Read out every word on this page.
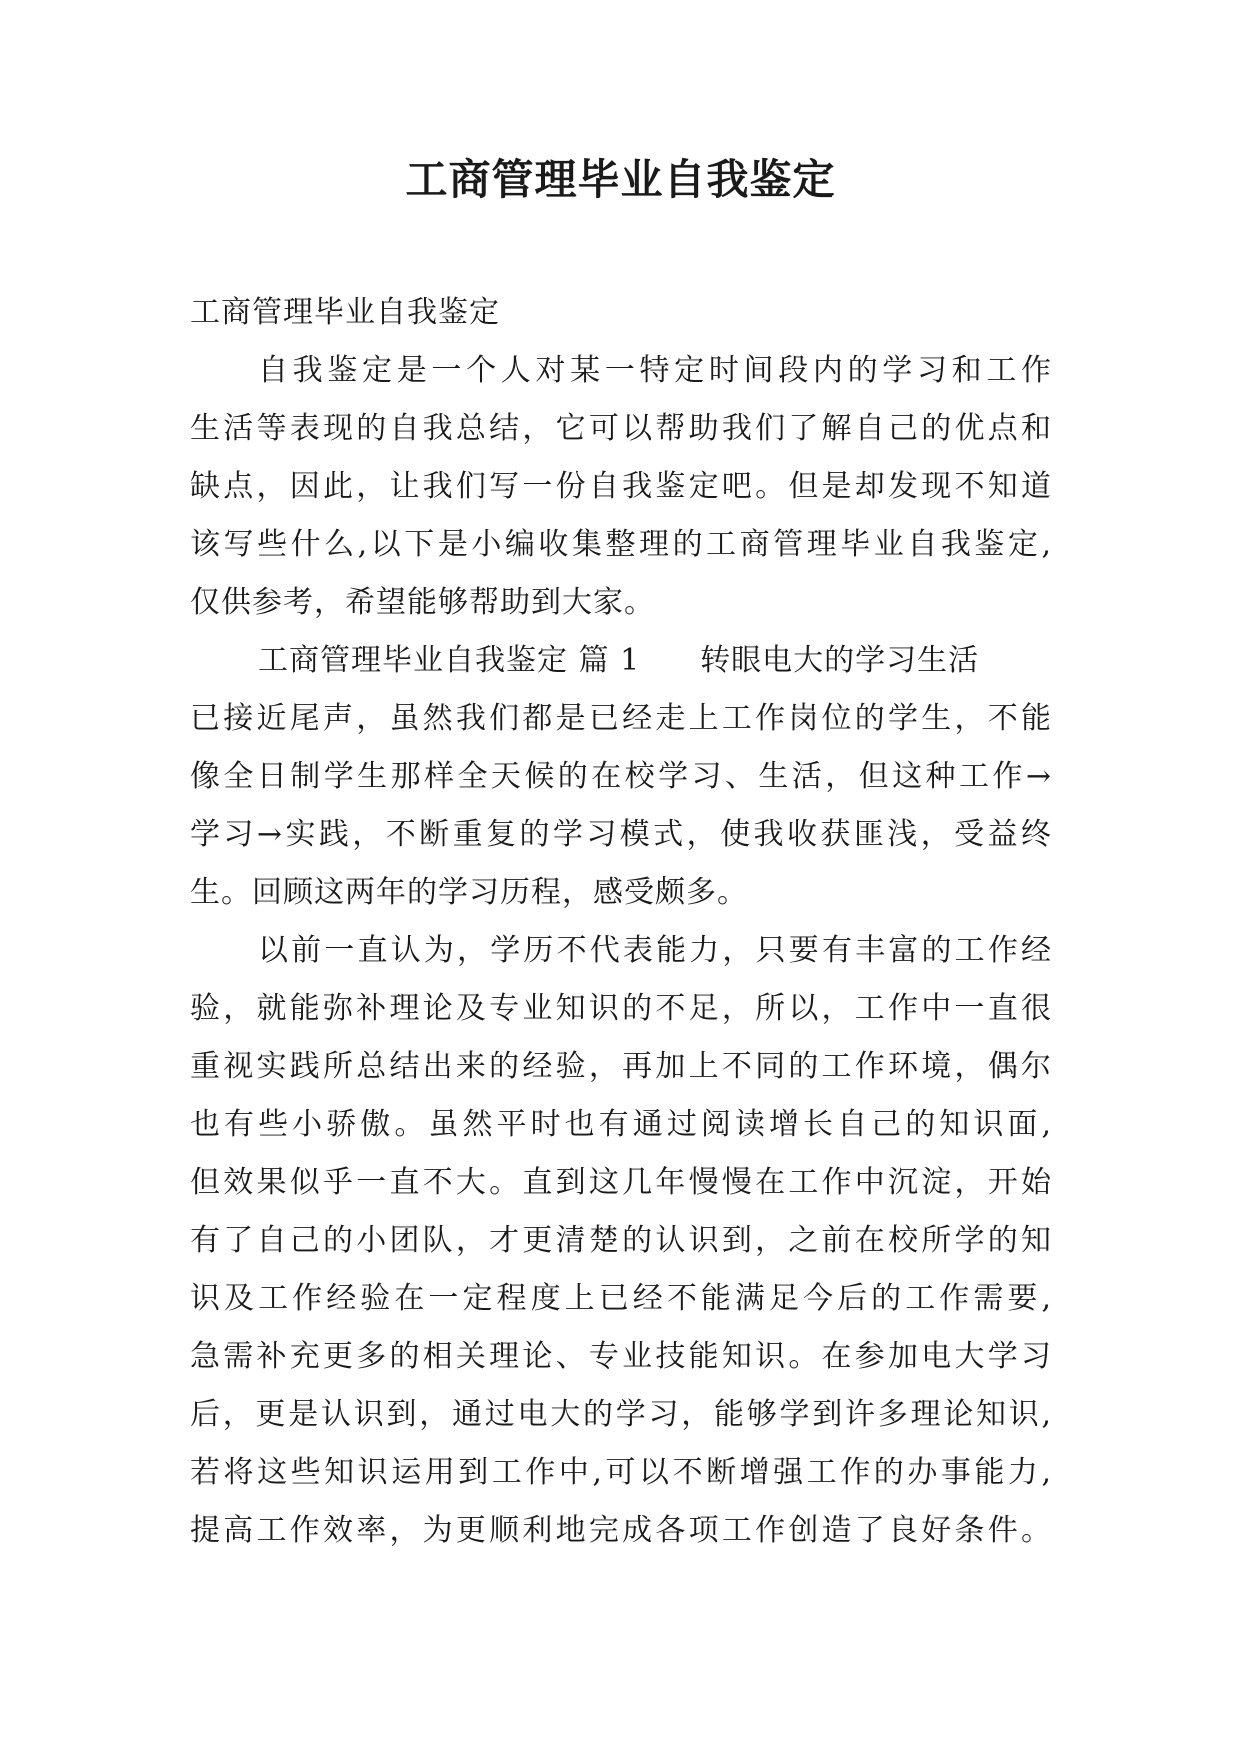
工商管理毕业自我鉴定
工商管理毕业自我鉴定
自我鉴定是一个人对某一特定时间段内的学习和工作
生活等表现的自我总结，它可以帮助我们了解自己的优点和
缺点，因此，让我们写一份自我鉴定吧。但是却发现不知道
该写些什么,以下是小编收集整理的工商管理毕业自我鉴定,
仅供参考，希望能够帮助到大家。
工商管理毕业自我鉴定 篇 1 转眼电大的学习生活
已接近尾声，虽然我们都是已经走上工作岗位的学生，不能
像全日制学生那样全天候的在校学习、生活，但这种工作→
学习→实践，不断重复的学习模式，使我收获匪浅，受益终
生。回顾这两年的学习历程，感受颇多。
以前一直认为，学历不代表能力，只要有丰富的工作经
验，就能弥补理论及专业知识的不足，所以，工作中一直很
重视实践所总结出来的经验，再加上不同的工作环境，偶尔
也有些小骄傲。虽然平时也有通过阅读增长自己的知识面,
但效果似乎一直不大。直到这几年慢慢在工作中沉淀，开始
有了自己的小团队，才更清楚的认识到，之前在校所学的知
识及工作经验在一定程度上已经不能满足今后的工作需要,
急需补充更多的相关理论、专业技能知识。在参加电大学习
后，更是认识到，通过电大的学习，能够学到许多理论知识,
若将这些知识运用到工作中,可以不断增强工作的办事能力,
提高工作效率，为更顺利地完成各项工作创造了良好条件。
